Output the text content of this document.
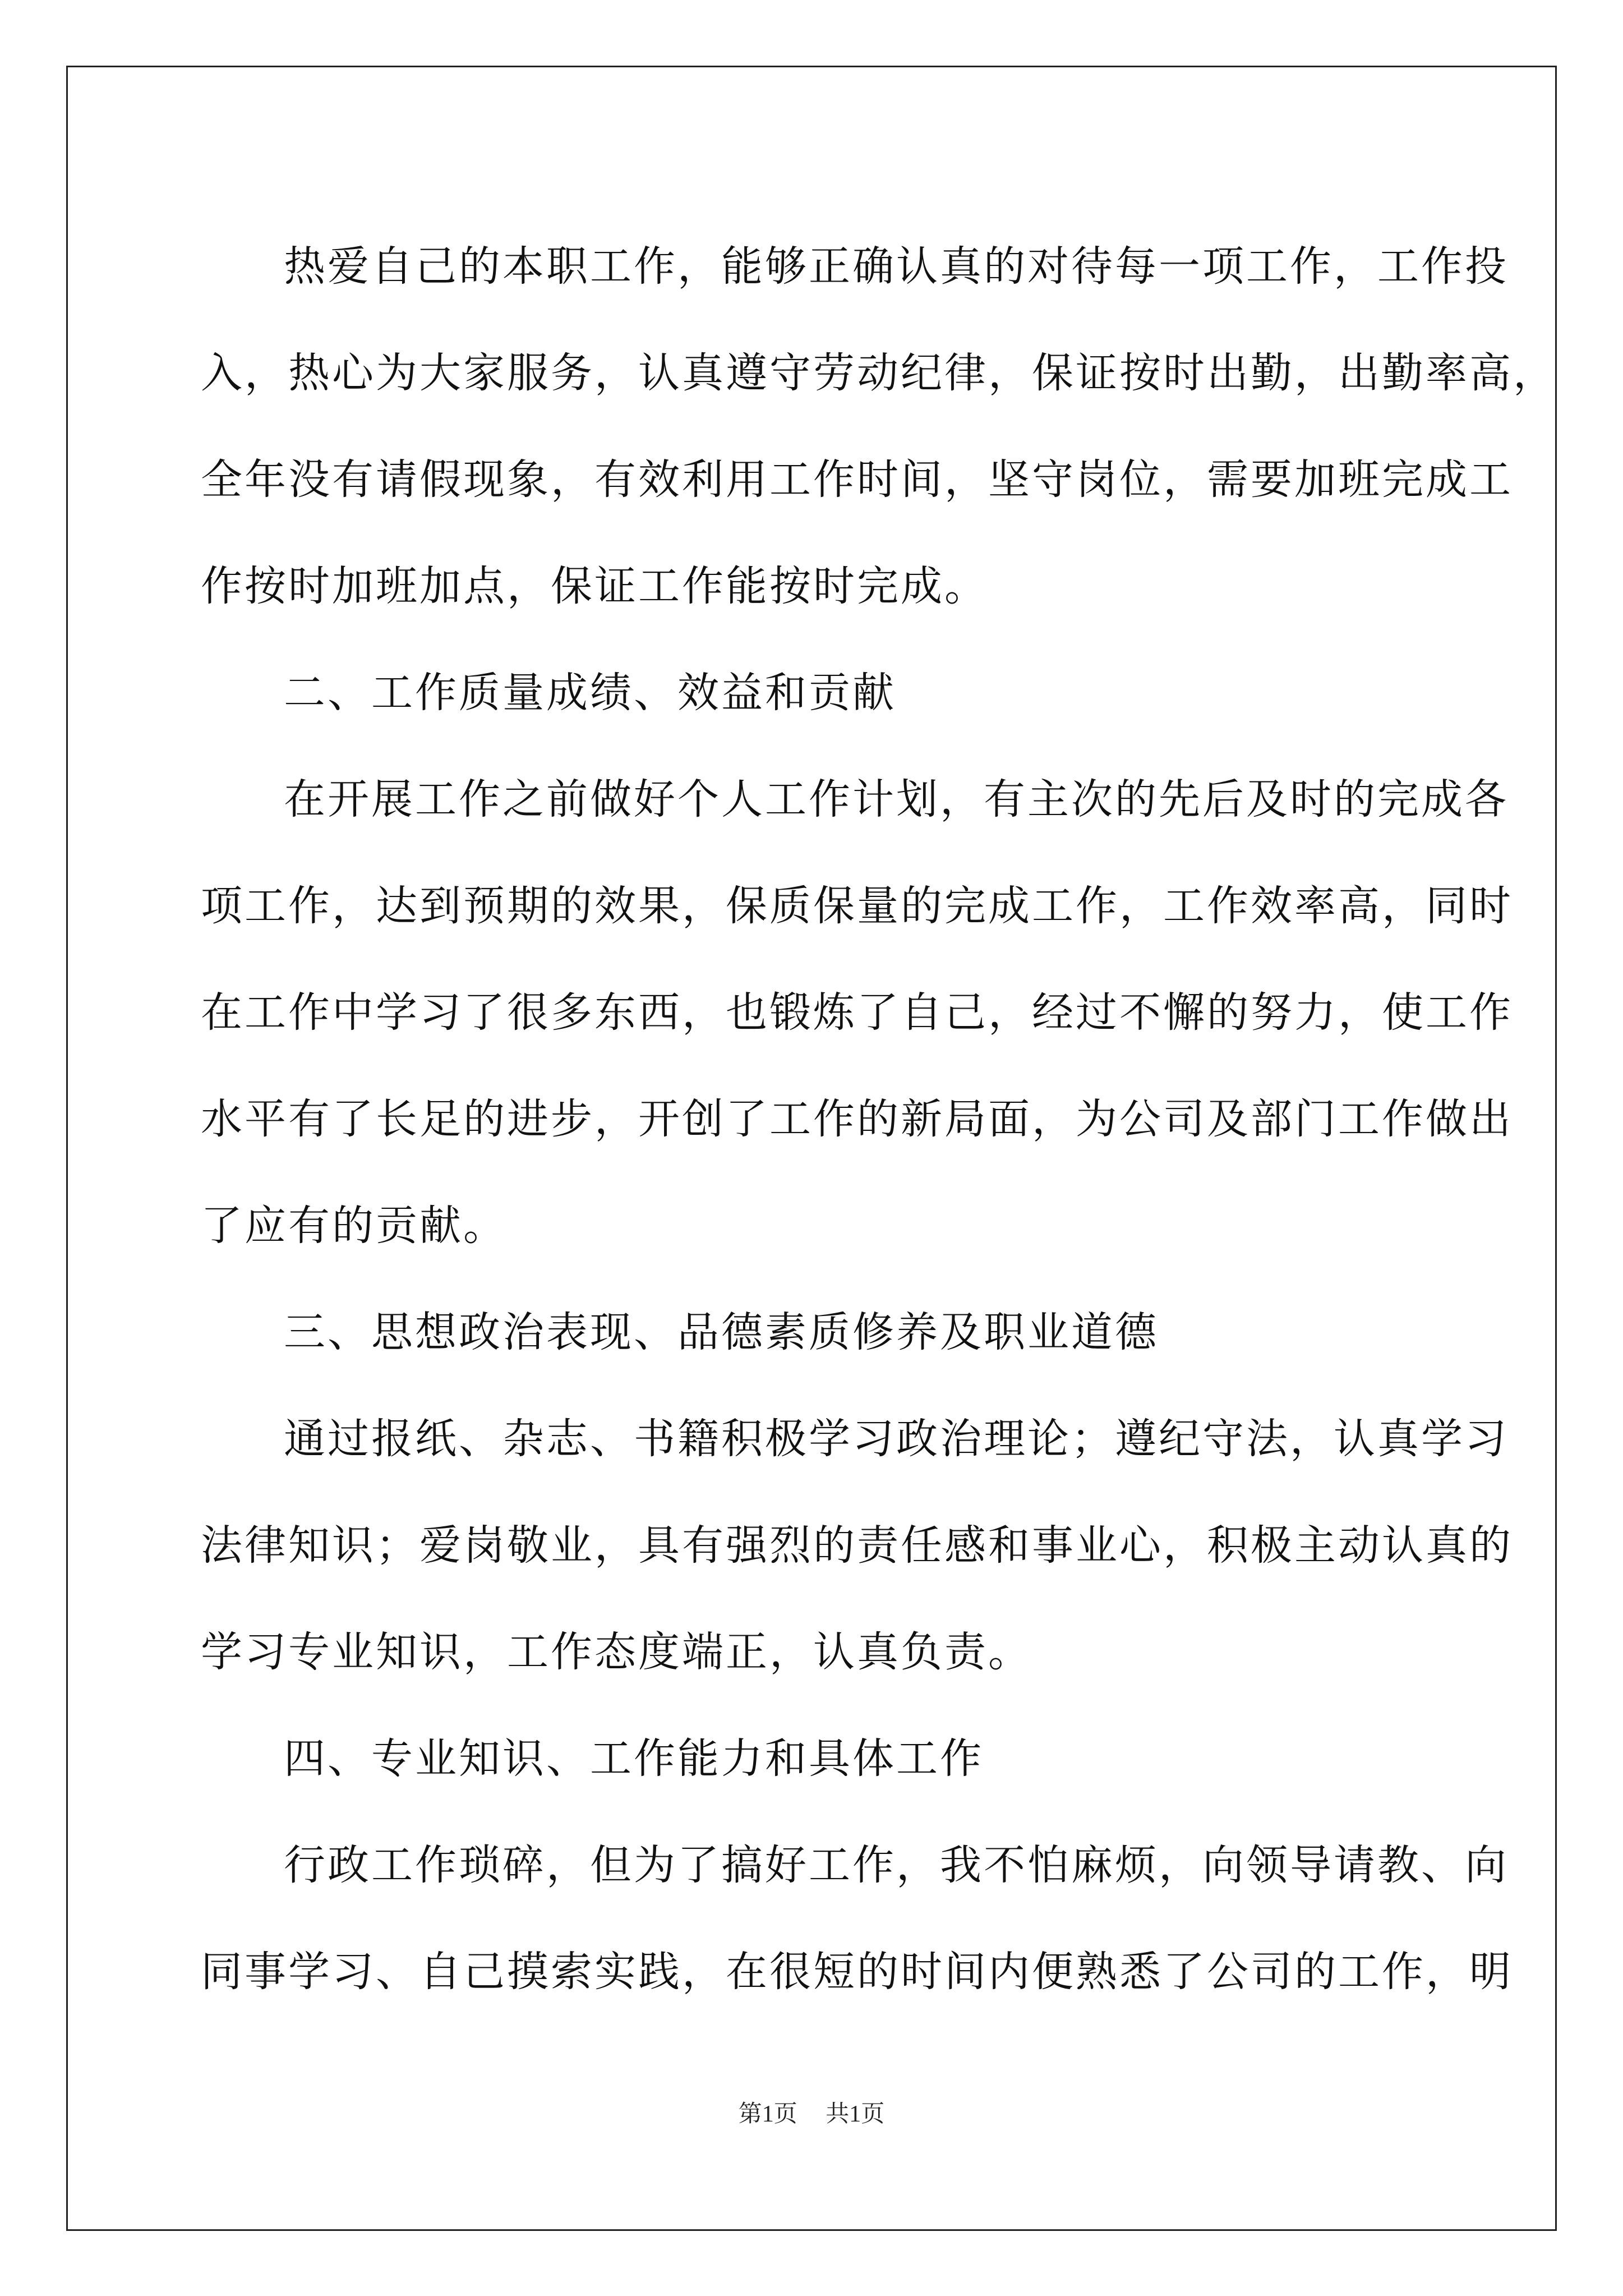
热爱自己的本职工作，能够正确认真的对待每一项工作，工作投
入，热心为大家服务，认真遵守劳动纪律，保证按时出勤，出勤率高，
全年没有请假现象，有效利用工作时间，坚守岗位，需要加班完成工
作按时加班加点，保证工作能按时完成。
二、工作质量成绩、效益和贡献
在开展工作之前做好个人工作计划，有主次的先后及时的完成各
项工作，达到预期的效果，保质保量的完成工作，工作效率高，同时
在工作中学习了很多东西，也锻炼了自己，经过不懈的努力，使工作
水平有了长足的进步，开创了工作的新局面，为公司及部门工作做出
了应有的贡献。
三、思想政治表现、品德素质修养及职业道德
通过报纸、杂志、书籍积极学习政治理论；遵纪守法，认真学习
法律知识；爱岗敬业，具有强烈的责任感和事业心，积极主动认真的
学习专业知识，工作态度端正，认真负责。
四、专业知识、工作能力和具体工作
行政工作琐碎，但为了搞好工作，我不怕麻烦，向领导请教、向
同事学习、自己摸索实践，在很短的时间内便熟悉了公司的工作，明
第1页 共1页
